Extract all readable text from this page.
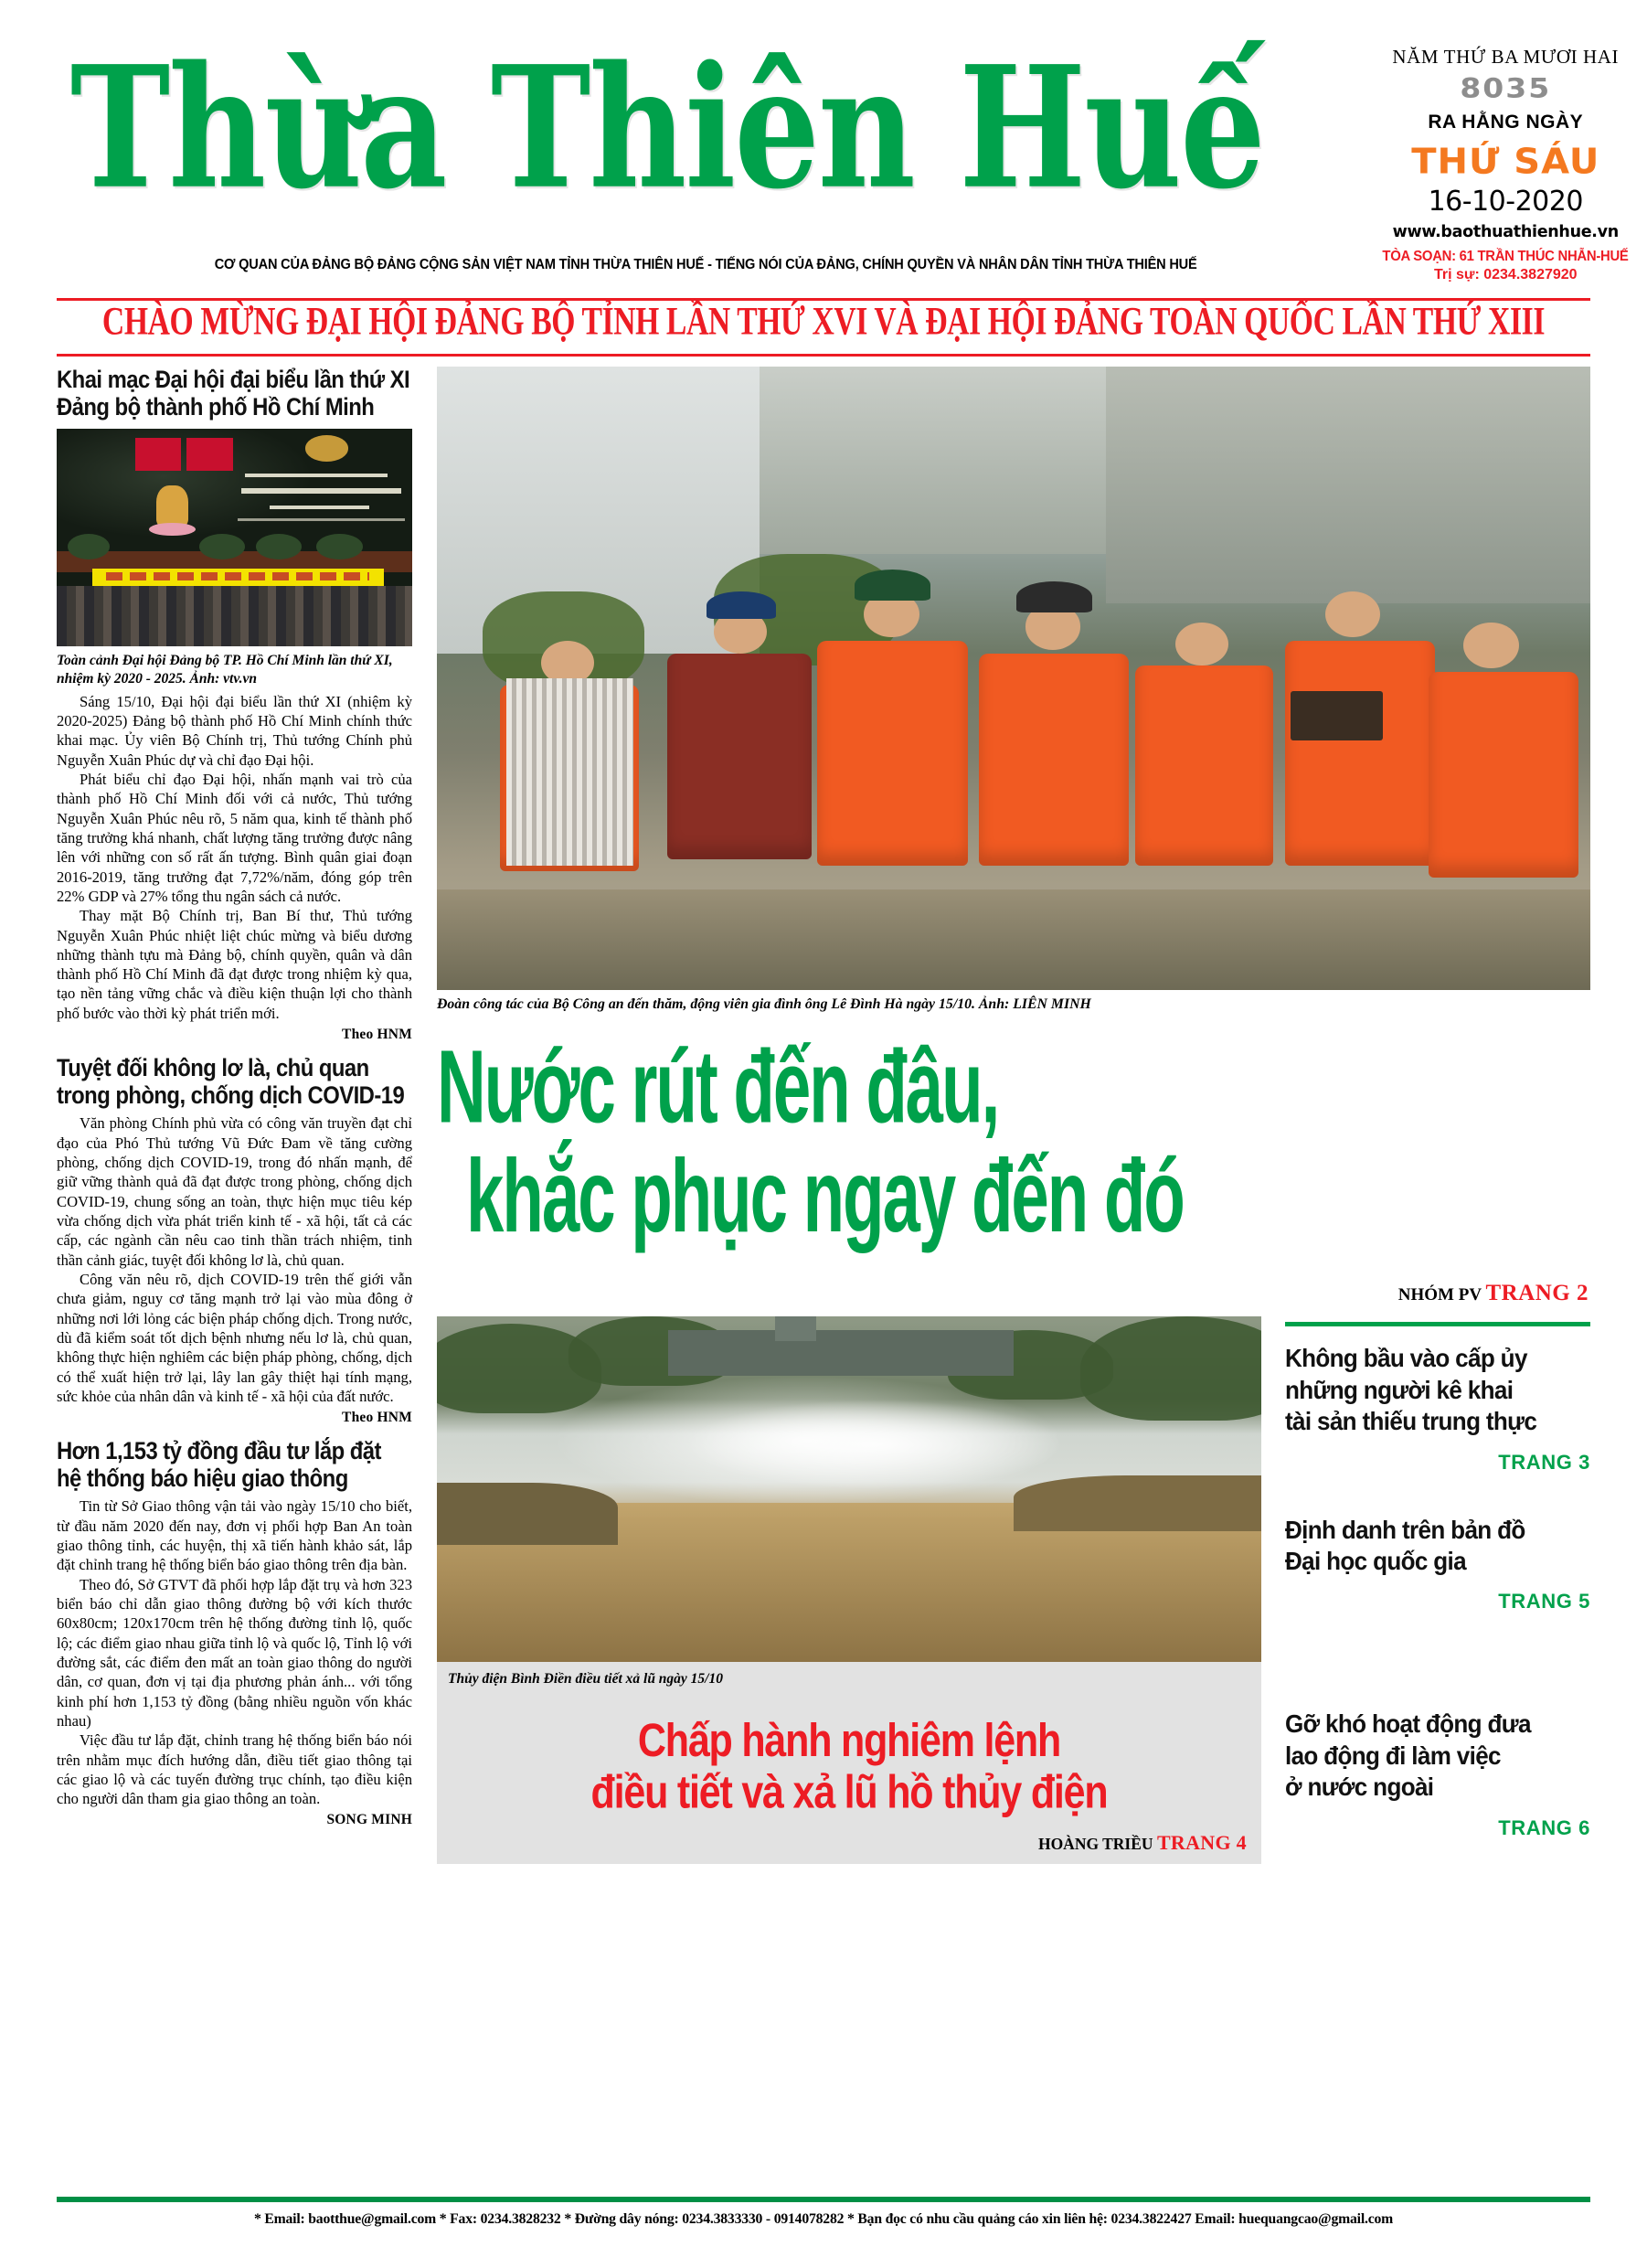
Thừa Thiên Huế
CƠ QUAN CỦA ĐẢNG BỘ ĐẢNG CỘNG SẢN VIỆT NAM TỈNH THỪA THIÊN HUẾ - TIẾNG NÓI CỦA ĐẢNG, CHÍNH QUYỀN VÀ NHÂN DÂN TỈNH THỪA THIÊN HUẾ
NĂM THỨ BA MƯƠI HAI
8035
RA HẰNG NGÀY
THỨ SÁU
16-10-2020
www.baothuathienhue.vn
TÒA SOẠN: 61 TRẦN THÚC NHẪN-HUẾ
Trị sự: 0234.3827920
CHÀO MỪNG ĐẠI HỘI ĐẢNG BỘ TỈNH LẦN THỨ XVI VÀ ĐẠI HỘI ĐẢNG TOÀN QUỐC LẦN THỨ XIII
Khai mạc Đại hội đại biểu lần thứ XI
Đảng bộ thành phố Hồ Chí Minh
Toàn cảnh Đại hội Đảng bộ TP. Hồ Chí Minh lần thứ XI, nhiệm kỳ 2020 - 2025. Ảnh: vtv.vn

Sáng 15/10, Đại hội đại biểu lần thứ XI (nhiệm kỳ 2020-2025) Đảng bộ thành phố Hồ Chí Minh chính thức khai mạc. Ủy viên Bộ Chính trị, Thủ tướng Chính phủ Nguyễn Xuân Phúc dự và chỉ đạo Đại hội.

Phát biểu chỉ đạo Đại hội, nhấn mạnh vai trò của thành phố Hồ Chí Minh đối với cả nước, Thủ tướng Nguyễn Xuân Phúc nêu rõ, 5 năm qua, kinh tế thành phố tăng trưởng khá nhanh, chất lượng tăng trưởng được nâng lên với những con số rất ấn tượng. Bình quân giai đoạn 2016-2019, tăng trưởng đạt 7,72%/năm, đóng góp trên 22% GDP và 27% tổng thu ngân sách cả nước.

Thay mặt Bộ Chính trị, Ban Bí thư, Thủ tướng Nguyễn Xuân Phúc nhiệt liệt chúc mừng và biểu dương những thành tựu mà Đảng bộ, chính quyền, quân và dân thành phố Hồ Chí Minh đã đạt được trong nhiệm kỳ qua, tạo nền tảng vững chắc và điều kiện thuận lợi cho thành phố bước vào thời kỳ phát triển mới.

Theo HNM
Tuyệt đối không lơ là, chủ quan
trong phòng, chống dịch COVID-19

Văn phòng Chính phủ vừa có công văn truyền đạt chỉ đạo của Phó Thủ tướng Vũ Đức Đam về tăng cường phòng, chống dịch COVID-19, trong đó nhấn mạnh, để giữ vững thành quả đã đạt được trong phòng, chống dịch COVID-19, chung sống an toàn, thực hiện mục tiêu kép vừa chống dịch vừa phát triển kinh tế - xã hội, tất cả các cấp, các ngành cần nêu cao tinh thần trách nhiệm, tinh thần cảnh giác, tuyệt đối không lơ là, chủ quan.

Công văn nêu rõ, dịch COVID-19 trên thế giới vẫn chưa giảm, nguy cơ tăng mạnh trở lại vào mùa đông ở những nơi lới lỏng các biện pháp chống dịch. Trong nước, dù đã kiểm soát tốt dịch bệnh nhưng nếu lơ là, chủ quan, không thực hiện nghiêm các biện pháp phòng, chống, dịch có thể xuất hiện trở lại, lây lan gây thiệt hại tính mạng, sức khỏe của nhân dân và kinh tế - xã hội của đất nước.

Theo HNM
Hơn 1,153 tỷ đồng đầu tư lắp đặt
hệ thống báo hiệu giao thông

Tin từ Sở Giao thông vận tải vào ngày 15/10 cho biết, từ đầu năm 2020 đến nay, đơn vị phối hợp Ban An toàn giao thông tỉnh, các huyện, thị xã tiến hành khảo sát, lắp đặt chỉnh trang hệ thống biển báo giao thông trên địa bàn.

Theo đó, Sở GTVT đã phối hợp lắp đặt trụ và hơn 323 biển báo chỉ dẫn giao thông đường bộ với kích thước 60x80cm; 120x170cm trên hệ thống đường tỉnh lộ, quốc lộ; các điểm giao nhau giữa tỉnh lộ và quốc lộ, Tỉnh lộ với đường sắt, các điểm đen mất an toàn giao thông do người dân, cơ quan, đơn vị tại địa phương phản ánh... với tổng kinh phí hơn 1,153 tỷ đồng (bằng nhiều nguồn vốn khác nhau)

Việc đầu tư lắp đặt, chỉnh trang hệ thống biển báo nói trên nhằm mục đích hướng dẫn, điều tiết giao thông tại các giao lộ và các tuyến đường trục chính, tạo điều kiện cho người dân tham gia giao thông an toàn.

SONG MINH
Đoàn công tác của Bộ Công an đến thăm, động viên gia đình ông Lê Đình Hà ngày 15/10. Ảnh: LIÊN MINH
Nước rút đến đâu,
khắc phục ngay đến đó
NHÓM PV TRANG 2
Thủy điện Bình Điền điều tiết xả lũ ngày 15/10
Chấp hành nghiêm lệnh
điều tiết và xả lũ hồ thủy điện
HOÀNG TRIỀU TRANG 4
Không bầu vào cấp ủy
những người kê khai
tài sản thiếu trung thực
TRANG 3
Định danh trên bản đồ
Đại học quốc gia
TRANG 5
Gỡ khó hoạt động đưa
lao động đi làm việc
ở nước ngoài
TRANG 6
* Email: baotthue@gmail.com * Fax: 0234.3828232 * Đường dây nóng: 0234.3833330 - 0914078282 * Bạn đọc có nhu cầu quảng cáo xin liên hệ: 0234.3822427 Email: huequangcao@gmail.com
